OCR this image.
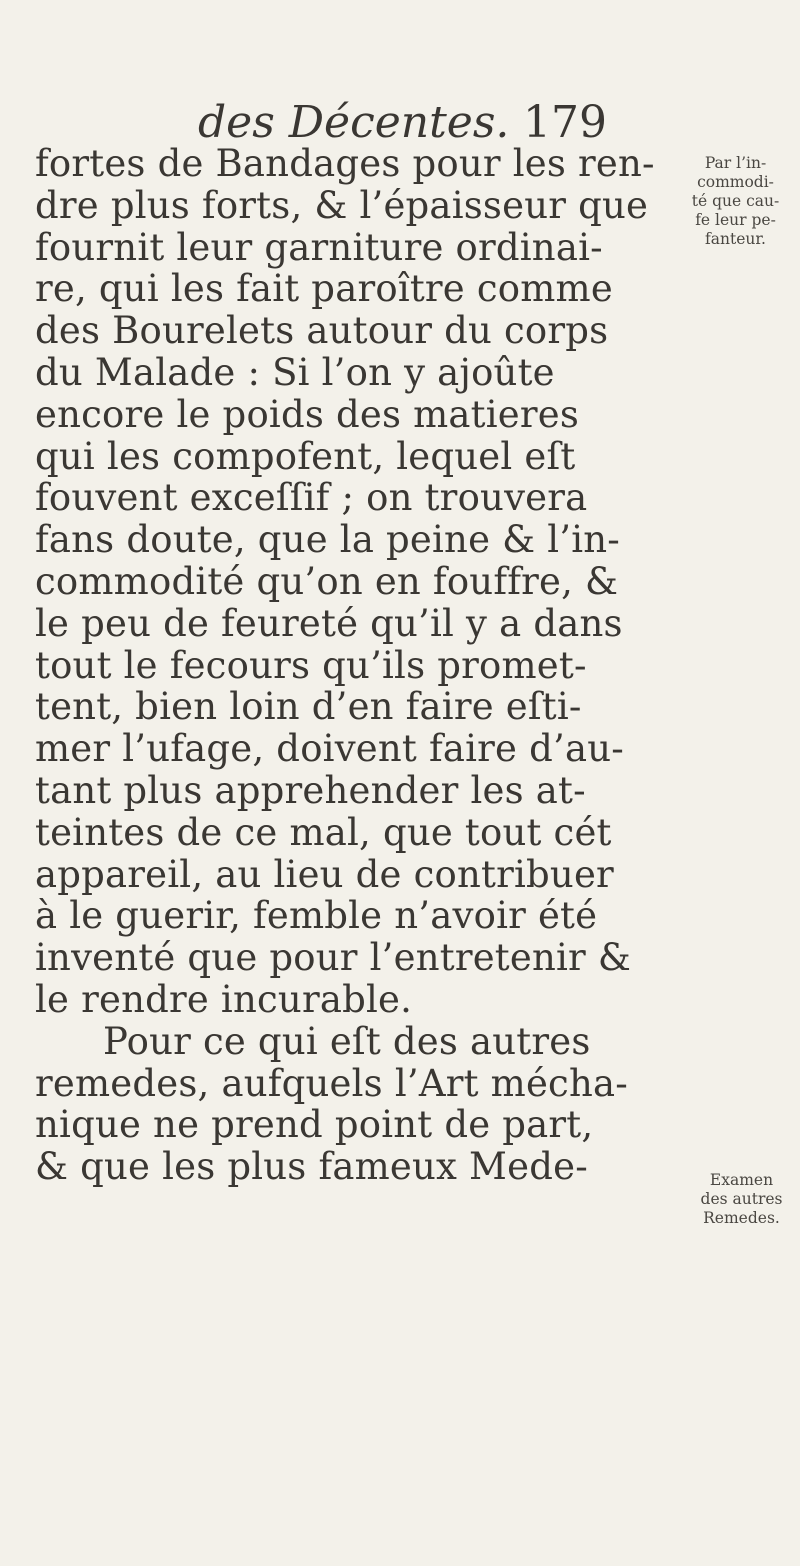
des Décentes. 179
fortes de Bandages pour les ren-
dre plus forts, & l’épaisseur que
fournit leur garniture ordinai-
re, qui les fait paroître comme
des Bourelets autour du corps
du Malade : Si l’on y ajoûte
encore le poids des matieres
qui les compofent, lequel eſt
fouvent exceſſif ; on trouvera
fans doute, que la peine & l’in-
commodité qu’on en fouffre, &
le peu de feureté qu’il y a dans
tout le fecours qu’ils promet-
tent, bien loin d’en faire eſti-
mer l’ufage, doivent faire d’au-
tant plus apprehender les at-
teintes de ce mal, que tout cét
appareil, au lieu de contribuer
à le guerir, femble n’avoir été
inventé que pour l’entretenir &
le rendre incurable.
Pour ce qui eſt des autres
remedes, aufquels l’Art mécha-
nique ne prend point de part,
& que les plus fameux Mede-
Par l’in-
commodi-
té que cau-
fe leur pe-
fanteur.
Examen
des autres
Remedes.
